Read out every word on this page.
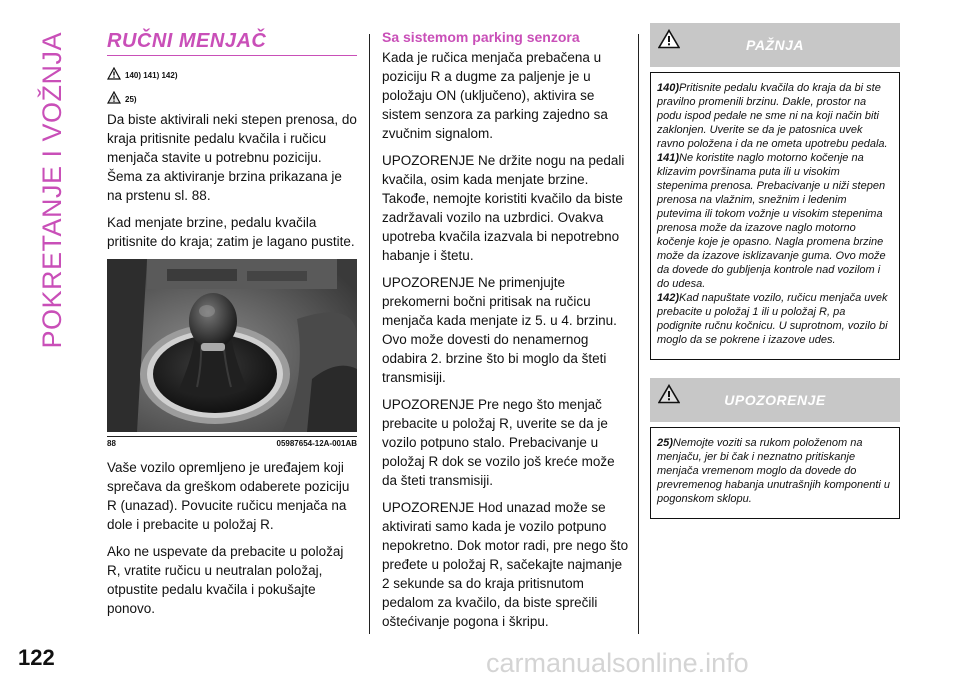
POKRETANJE I VOŽNJA
122	carmanualsonline.info
RUČNI MENJAČ
140) 141) 142)
25)

Da biste aktivirali neki stepen prenosa, do kraja pritisnite pedalu kvačila i ručicu menjača stavite u potrebnu poziciju. Šema za aktiviranje brzina prikazana je na prstenu sl. 88.

Kad menjate brzine, pedalu kvačila pritisnite do kraja; zatim je lagano pustite.

88	05987654-12A-001AB

Vaše vozilo opremljeno je uređajem koji sprečava da greškom odaberete poziciju R (unazad). Povucite ručicu menjača na dole i prebacite u položaj R.

Ako ne uspevate da prebacite u položaj R, vratite ručicu u neutralan položaj, otpustite pedalu kvačila i pokušajte ponovo.

Sa sistemom parking senzora

Kada je ručica menjača prebačena u poziciju R a dugme za paljenje je u položaju ON (uključeno), aktivira se sistem senzora za parking zajedno sa zvučnim signalom.

UPOZORENJE Ne držite nogu na pedali kvačila, osim kada menjate brzine. Takođe, nemojte koristiti kvačilo da biste zadržavali vozilo na uzbrdici. Ovakva upotreba kvačila izazvala bi nepotrebno habanje i štetu.

UPOZORENJE Ne primenjujte prekomerni bočni pritisak na ručicu menjača kada menjate iz 5. u 4. brzinu. Ovo može dovesti do nenamernog odabira 2. brzine što bi moglo da šteti transmisiji.

UPOZORENJE Pre nego što menjač prebacite u položaj R, uverite se da je vozilo potpuno stalo. Prebacivanje u položaj R dok se vozilo još kreće može da šteti transmisiji.

UPOZORENJE Hod unazad može se aktivirati samo kada je vozilo potpuno nepokretno. Dok motor radi, pre nego što pređete u položaj R, sačekajte najmanje 2 sekunde sa do kraja pritisnutom pedalom za kvačilo, da biste sprečili oštećivanje pogona i škripu.

PAŽNJA

140)Pritisnite pedalu kvačila do kraja da bi ste pravilno promenili brzinu. Dakle, prostor na podu ispod pedale ne sme ni na koji način biti zaklonjen. Uverite se da je patosnica uvek ravno položena i da ne ometa upotrebu pedala.

141)Ne koristite naglo motorno kočenje na klizavim površinama puta ili u visokim stepenima prenosa. Prebacivanje u niži stepen prenosa na vlažnim, snežnim i ledenim putevima ili tokom vožnje u visokim stepenima prenosa može da izazove naglo motorno kočenje koje je opasno. Nagla promena brzine može da izazove isklizavanje guma. Ovo može da dovede do gubljenja kontrole nad vozilom i do udesa.

142)Kad napuštate vozilo, ručicu menjača uvek prebacite u položaj 1 ili u položaj R, pa podignite ručnu kočnicu. U suprotnom, vozilo bi moglo da se pokrene i izazove udes.

UPOZORENJE

25)Nemojte voziti sa rukom položenom na menjaču, jer bi čak i neznatno pritiskanje menjača vremenom moglo da dovede do prevremenog habanja unutrašnjih komponenti u pogonskom sklopu.
